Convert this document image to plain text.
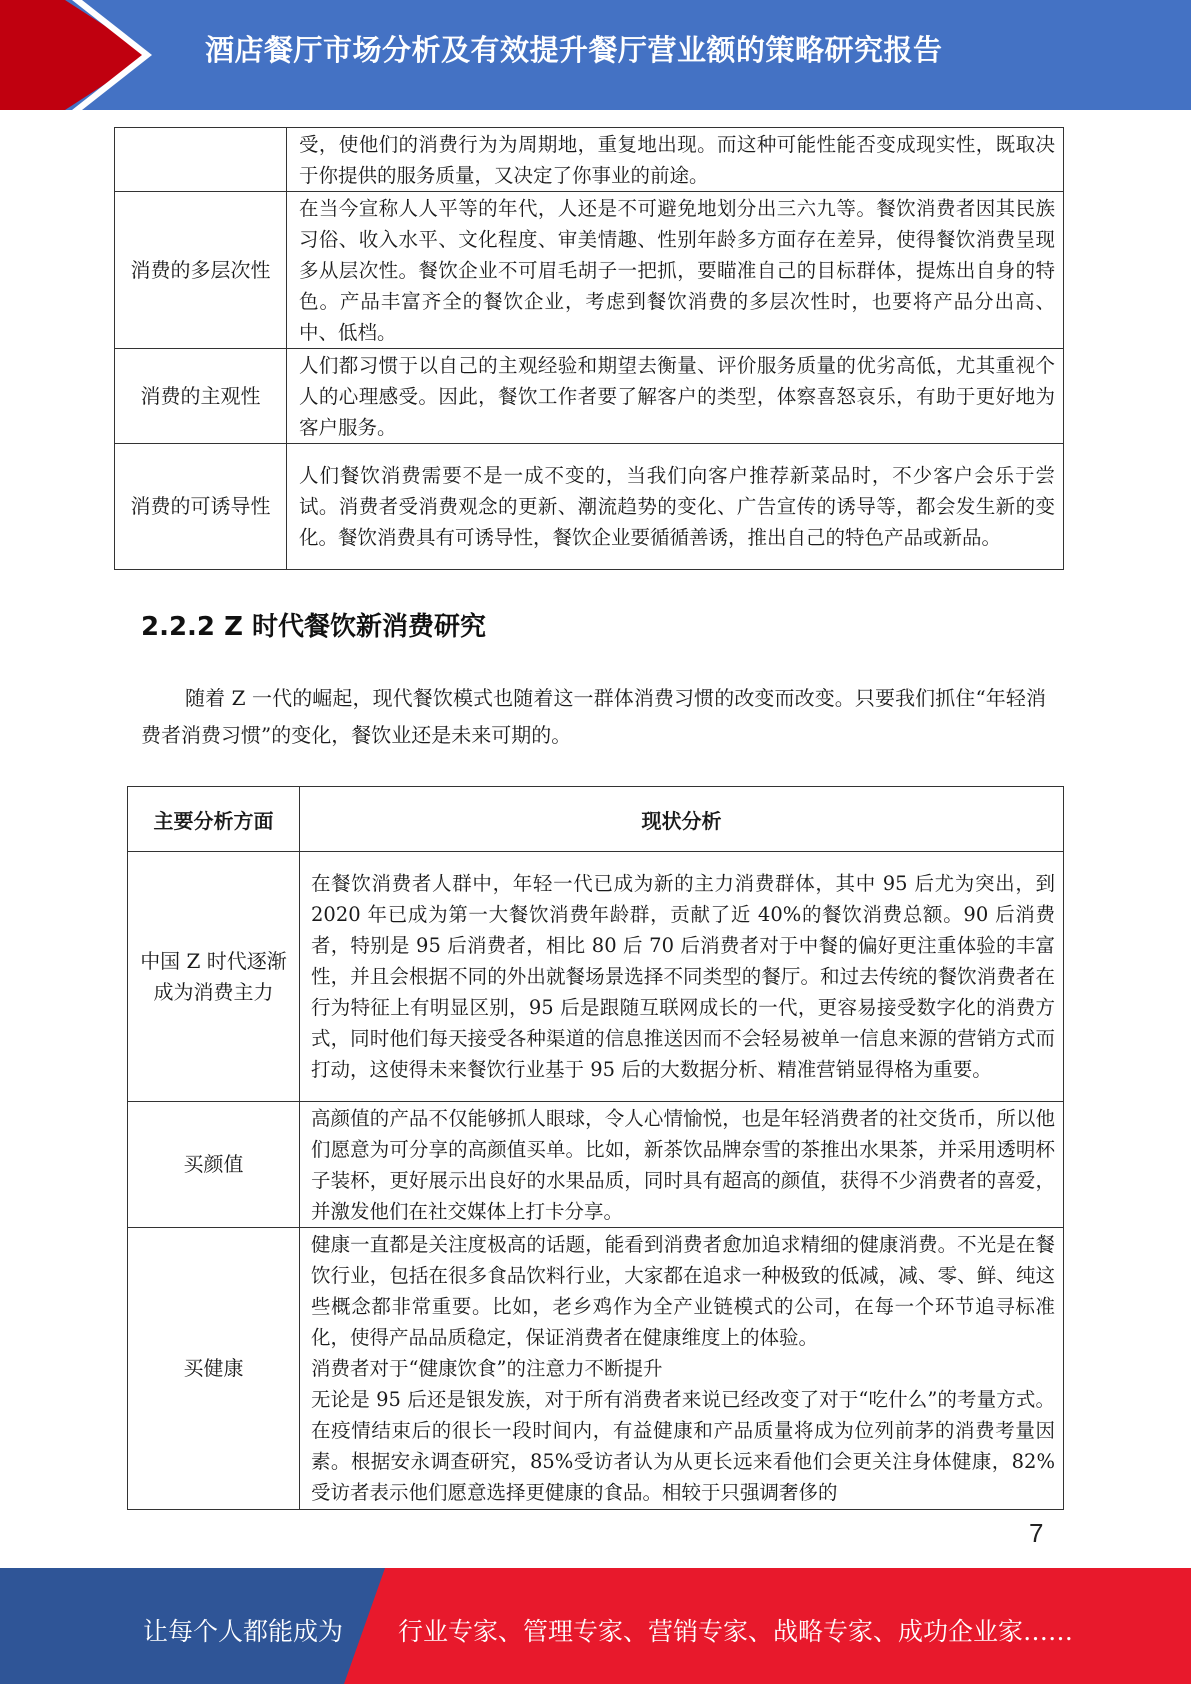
酒店餐厅市场分析及有效提升餐厅营业额的策略研究报告
	受，使他们的消费行为为周期地，重复地出现。而这种可能性能否变成现实性，既取决于你提供的服务质量，又决定了你事业的前途。
消费的多层次性	在当今宣称人人平等的年代，人还是不可避免地划分出三六九等。餐饮消费者因其民族习俗、收入水平、文化程度、审美情趣、性别年龄多方面存在差异，使得餐饮消费呈现多从层次性。餐饮企业不可眉毛胡子一把抓，要瞄准自己的目标群体，提炼出自身的特色。产品丰富齐全的餐饮企业，考虑到餐饮消费的多层次性时，也要将产品分出高、中、低档。
消费的主观性	人们都习惯于以自己的主观经验和期望去衡量、评价服务质量的优劣高低，尤其重视个人的心理感受。因此，餐饮工作者要了解客户的类型，体察喜怒哀乐，有助于更好地为客户服务。
消费的可诱导性	人们餐饮消费需要不是一成不变的，当我们向客户推荐新菜品时，不少客户会乐于尝试。消费者受消费观念的更新、潮流趋势的变化、广告宣传的诱导等，都会发生新的变化。餐饮消费具有可诱导性，餐饮企业要循循善诱，推出自己的特色产品或新品。
2.2.2 Z 时代餐饮新消费研究

随着 Z 一代的崛起，现代餐饮模式也随着这一群体消费习惯的改变而改变。只要我们抓住“年轻消费者消费习惯”的变化，餐饮业还是未来可期的。

主要分析方面	现状分析
中国 Z 时代逐渐成为消费主力	在餐饮消费者人群中，年轻一代已成为新的主力消费群体，其中 95 后尤为突出，到 2020 年已成为第一大餐饮消费年龄群，贡献了近 40%的餐饮消费总额。90 后消费者，特别是 95 后消费者，相比 80 后 70 后消费者对于中餐的偏好更注重体验的丰富性，并且会根据不同的外出就餐场景选择不同类型的餐厅。和过去传统的餐饮消费者在行为特征上有明显区别，95 后是跟随互联网成长的一代，更容易接受数字化的消费方式，同时他们每天接受各种渠道的信息推送因而不会轻易被单一信息来源的营销方式而打动，这使得未来餐饮行业基于 95 后的大数据分析、精准营销显得格为重要。

买颜值	高颜值的产品不仅能够抓人眼球，令人心情愉悦，也是年轻消费者的社交货币，所以他们愿意为可分享的高颜值买单。比如，新茶饮品牌奈雪的茶推出水果茶，并采用透明杯子装杯，更好展示出良好的水果品质，同时具有超高的颜值，获得不少消费者的喜爱，并激发他们在社交媒体上打卡分享。

买健康	健康一直都是关注度极高的话题，能看到消费者愈加追求精细的健康消费。不光是在餐饮行业，包括在很多食品饮料行业，大家都在追求一种极致的低减，减、零、鲜、纯这些概念都非常重要。比如，老乡鸡作为全产业链模式的公司，在每一个环节追寻标准化，使得产品品质稳定，保证消费者在健康维度上的体验。

消费者对于“健康饮食”的注意力不断提升

无论是 95 后还是银发族，对于所有消费者来说已经改变了对于“吃什么”的考量方式。在疫情结束后的很长一段时间内，有益健康和产品质量将成为位列前茅的消费考量因素。根据安永调查研究，85%受访者认为从更长远来看他们会更关注身体健康，82%受访者表示他们愿意选择更健康的食品。相较于只强调奢侈的

7
让每个人都能成为 行业专家、管理专家、营销专家、战略专家、成功企业家……
